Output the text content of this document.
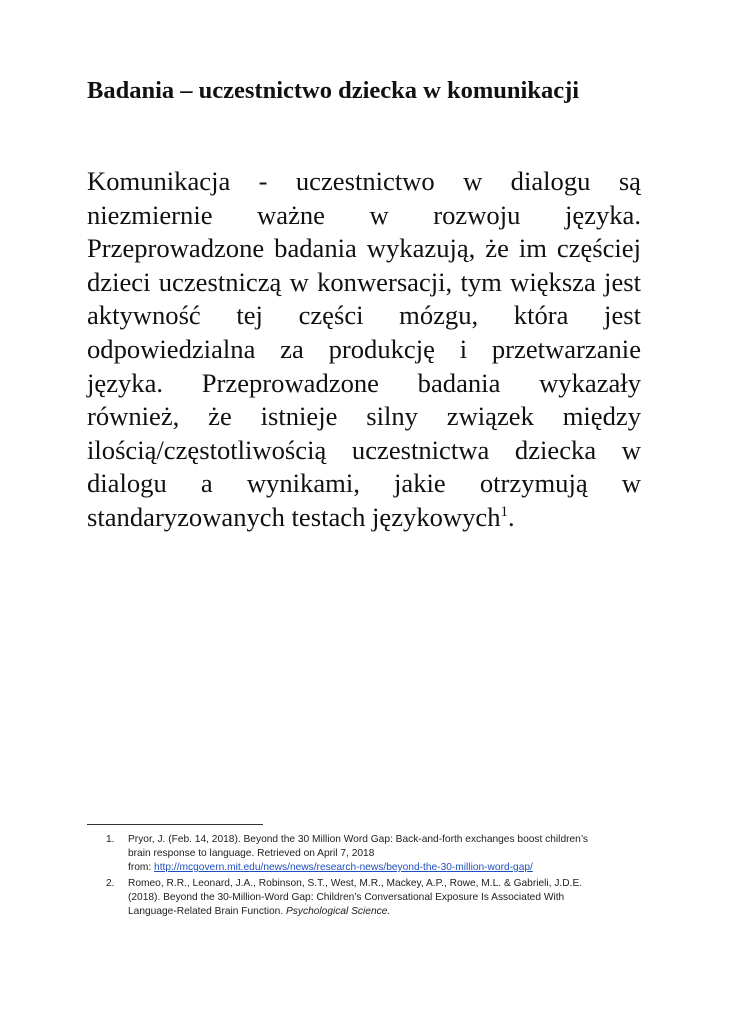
Badania – uczestnictwo dziecka w komunikacji

Komunikacja - uczestnictwo w dialogu są niezmiernie ważne w rozwoju języka. Przeprowadzone badania wykazują, że im częściej dzieci uczestniczą w konwersacji, tym większa jest aktywność tej części mózgu, która jest odpowiedzialna za produkcję i przetwarzanie języka. Przeprowadzone badania wykazały również, że istnieje silny związek między ilością/częstotliwością uczestnictwa dziecka w dialogu a wynikami, jakie otrzymują w standaryzowanych testach językowych$^1$.

1. Pryor, J. (Feb. 14, 2018). Beyond the 30 Million Word Gap: Back-and-forth exchanges boost children’s
brain response to language. Retrieved on April 7, 2018
from: http://mcgovern.mit.edu/news/news/research-news/beyond-the-30-million-word-gap/
2. Romeo, R.R., Leonard, J.A., Robinson, S.T., West, M.R., Mackey, A.P., Rowe, M.L. & Gabrieli, J.D.E.
(2018). Beyond the 30-Million-Word Gap: Children’s Conversational Exposure Is Associated With
Language-Related Brain Function. Psychological Science.
